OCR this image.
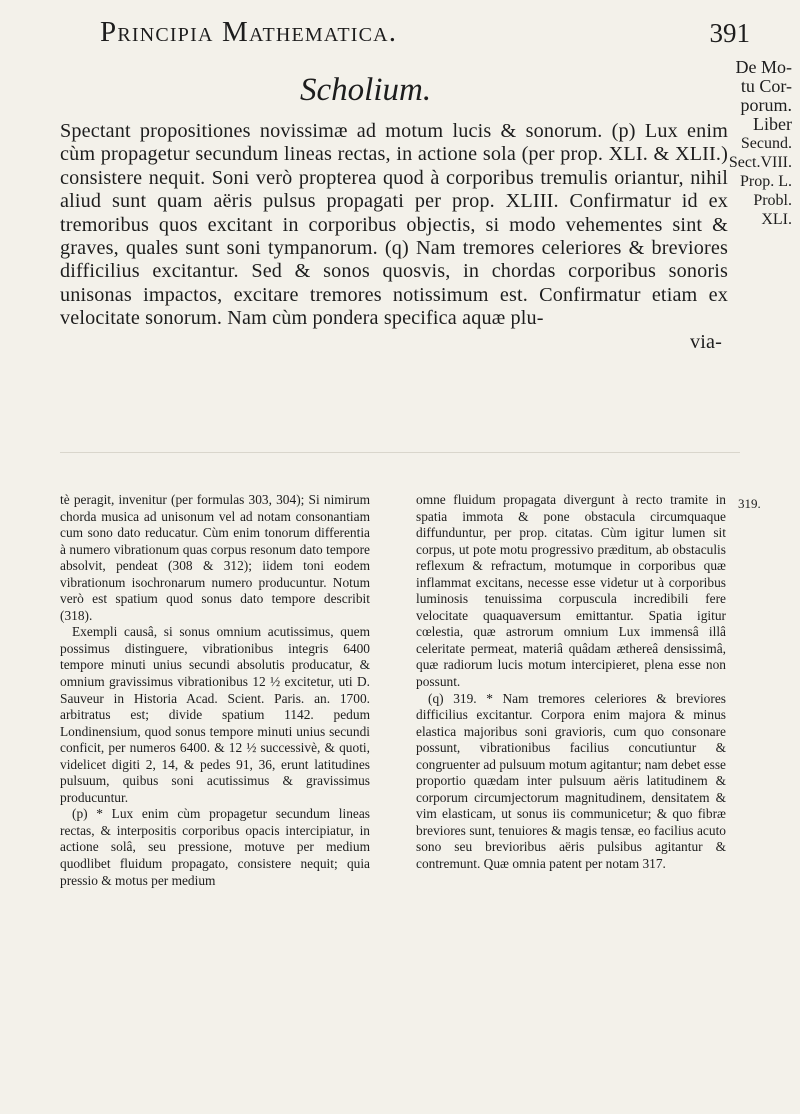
Principia Mathematica.	391
De Mo-
tu Cor-
porum.
Liber
Secund.
Sect.VIII.
Prop. L.
Probl.
XLI.
Scholium.

Spectant propositiones novissimæ ad motum lucis & sonorum. (p) Lux enim cùm propagetur secundum lineas rectas, in actione sola (per prop. XLI. & XLII.) consistere nequit. Soni verò propterea quod à corporibus tremulis oriantur, nihil aliud sunt quam aëris pulsus propagati per prop. XLIII. Confirmatur id ex tremoribus quos excitant in corporibus objectis, si modo vehementes sint & graves, quales sunt soni tympanorum. (q) Nam tremores celeriores & breviores difficilius excitantur. Sed & sonos quosvis, in chordas corporibus sonoris unisonas impactos, excitare tremores notissimum est. Confirmatur etiam ex velocitate sonorum. Nam cùm pondera specifica aquæ plu-

via-

tè peragit, invenitur (per formulas 303, 304); Si nimirum chorda musica ad unisonum vel ad notam consonantiam cum sono dato reducatur. Cùm enim tonorum differentia à numero vibrationum quas corpus resonum dato tempore absolvit, pendeat (308 & 312); iidem toni eodem vibrationum isochronarum numero producuntur. Notum verò est spatium quod sonus dato tempore describit (318).

Exempli causâ, si sonus omnium acutissimus, quem possimus distinguere, vibrationibus integris 6400 tempore minuti unius secundi absolutis producatur, & omnium gravissimus vibrationibus 12 ½ excitetur, uti D. Sauveur in Historia Acad. Scient. Paris. an. 1700. arbitratus est; divide spatium 1142. pedum Londinensium, quod sonus tempore minuti unius secundi conficit, per numeros 6400. & 12 ½ successivè, & quoti, videlicet digiti 2, 14, & pedes 91, 36, erunt latitudines pulsuum, quibus soni acutissimus & gravissimus producuntur.

(p) * Lux enim cùm propagetur secundum lineas rectas, & interpositis corporibus opacis intercipiatur, in actione solâ, seu pressione, motuve per medium quodlibet fluidum propagato, consistere nequit; quia pressio & motus per medium

omne fluidum propagata divergunt à recto tramite in spatia immota & pone obstacula circumquaque diffunduntur, per prop. citatas. Cùm igitur lumen sit corpus, ut pote motu progressivo præditum, ab obstaculis reflexum & refractum, motumque in corporibus quæ inflammat excitans, necesse esse videtur ut à corporibus luminosis tenuissima corpuscula incredibili fere velocitate quaquaversum emittantur. Spatia igitur cœlestia, quæ astrorum omnium Lux immensâ illâ celeritate permeat, materiâ quâdam æthereâ densissimâ, quæ radiorum lucis motum intercipieret, plena esse non possunt.

(q) 319. * Nam tremores celeriores & breviores difficilius excitantur. Corpora enim majora & minus elastica majoribus soni gravioris, cum quo consonare possunt, vibrationibus facilius concutiuntur & congruenter ad pulsuum motum agitantur; nam debet esse proportio quædam inter pulsuum aëris latitudinem & corporum circumjectorum magnitudinem, densitatem & vim elasticam, ut sonus iis communicetur; & quo fibræ breviores sunt, tenuiores & magis tensæ, eo facilius acuto sono seu brevioribus aëris pulsibus agitantur & contremunt. Quæ omnia patent per notam 317.

319.
